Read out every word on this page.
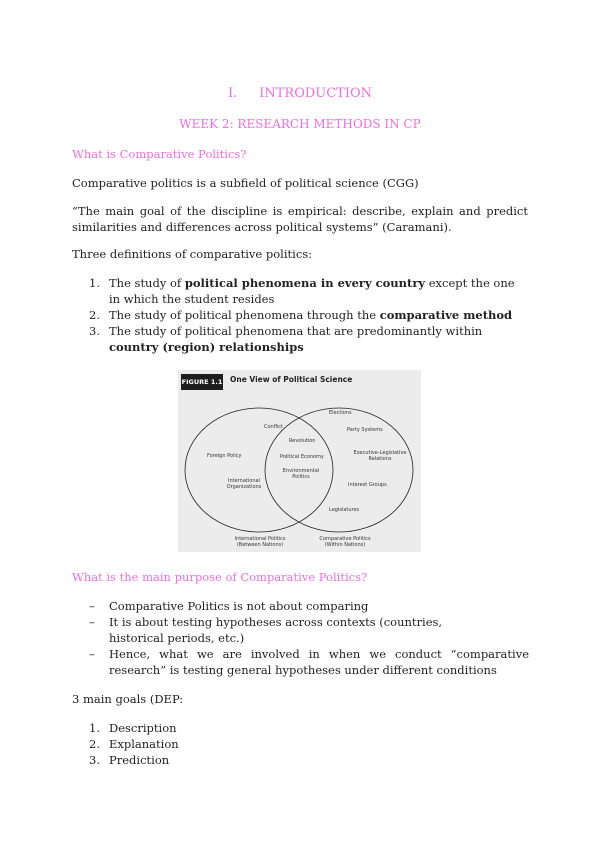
I. INTRODUCTION
WEEK 2: RESEARCH METHODS IN CP
What is Comparative Politics?
Comparative politics is a subfield of political science (CGG)
“The main goal of the discipline is empirical: describe, explain and predict similarities and differences across political systems” (Caramani).
Three definitions of comparative politics:
1. The study of political phenomena in every country except the one in which the student resides
2. The study of political phenomena through the comparative method
3. The study of political phenomena that are predominantly within country (region) relationships
FIGURE 1.1 One View of Political Science
Conflict
Foreign Policy
International Organizations
Revolution
Political Economy
Environmental Politics
Elections
Party Systems
Executive-Legislative Relations
Interest Groups
Legislatures
International Politics (Between Nations)
Comparative Politics (Within Nations)
What is the main purpose of Comparative Politics?
– Comparative Politics is not about comparing
– It is about testing hypotheses across contexts (countries, historical periods, etc.)
– Hence, what we are involved in when we conduct “comparative research” is testing general hypotheses under different conditions
3 main goals (DEP:
1. Description
2. Explanation
3. Prediction
